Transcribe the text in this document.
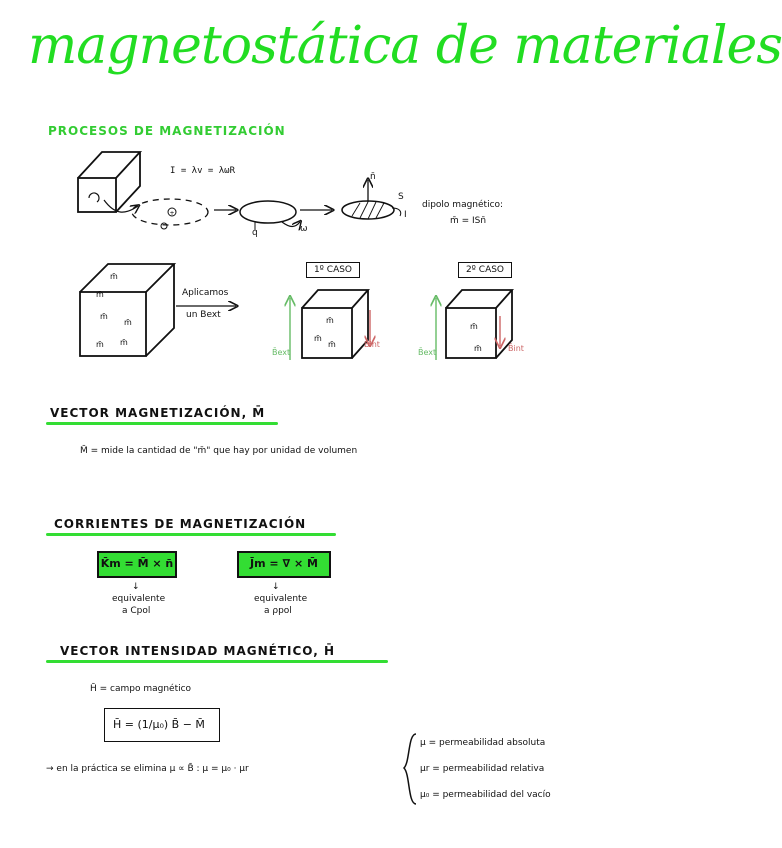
magnetostática de materiales
PROCESOS DE MAGNETIZACIÓN
+
I = λv = λωR
q	ω
n̄
S
I
dipolo magnético:
m̄ = ISn̄
m̄
m̄
m̄
m̄
m̄ m̄
Aplicamos
un Bext
1º CASO	2º CASO
m̄
m̄
m̄
m̄
m̄
B̄ext
B̄int
B̄ext	B̄int
VECTOR MAGNETIZACIÓN, M̄
M̄ = mide la cantidad de "m̄" que hay por unidad de volumen
CORRIENTES DE MAGNETIZACIÓN
K̄m = M̄ × n̄	J̄m = ∇ × M̄
↓
equivalente
a Cpol
↓
equivalente
a ρpol
VECTOR INTENSIDAD MAGNÉTICO, H̄
H̄ = campo magnético
H̄ = (1/μ₀) B̄ − M̄
→ en la práctica se elimina μ ∝ B̄ : μ = μ₀ · μr
μ = permeabilidad absoluta
μr = permeabilidad relativa
μ₀ = permeabilidad del vacío
